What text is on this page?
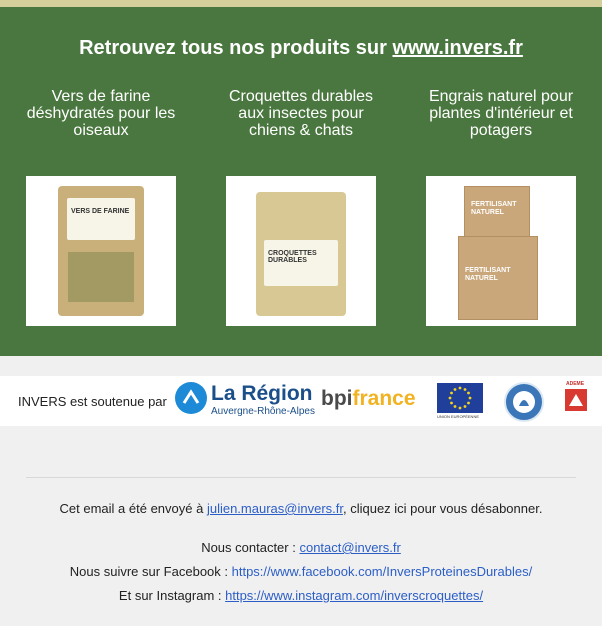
Retrouvez tous nos produits sur www.invers.fr
Vers de farine déshydratés pour les oiseaux
Croquettes durables aux insectes pour chiens & chats
Engrais naturel pour plantes d'intérieur et potagers
VERS DE FARINE
CROQUETTES DURABLES
FERTILISANT NATUREL
FERTILISANT NATUREL
INVERS est soutenue par La Région
Auvergne-Rhône-Alpes
bpifrance
UNION EUROPÉENNE
ADEME
Cet email a été envoyé à julien.mauras@invers.fr, cliquez ici pour vous désabonner.
Nous contacter : contact@invers.fr
Nous suivre sur Facebook : https://www.facebook.com/InversProteinesDurables/
Et sur Instagram : https://www.instagram.com/inverscroquettes/
